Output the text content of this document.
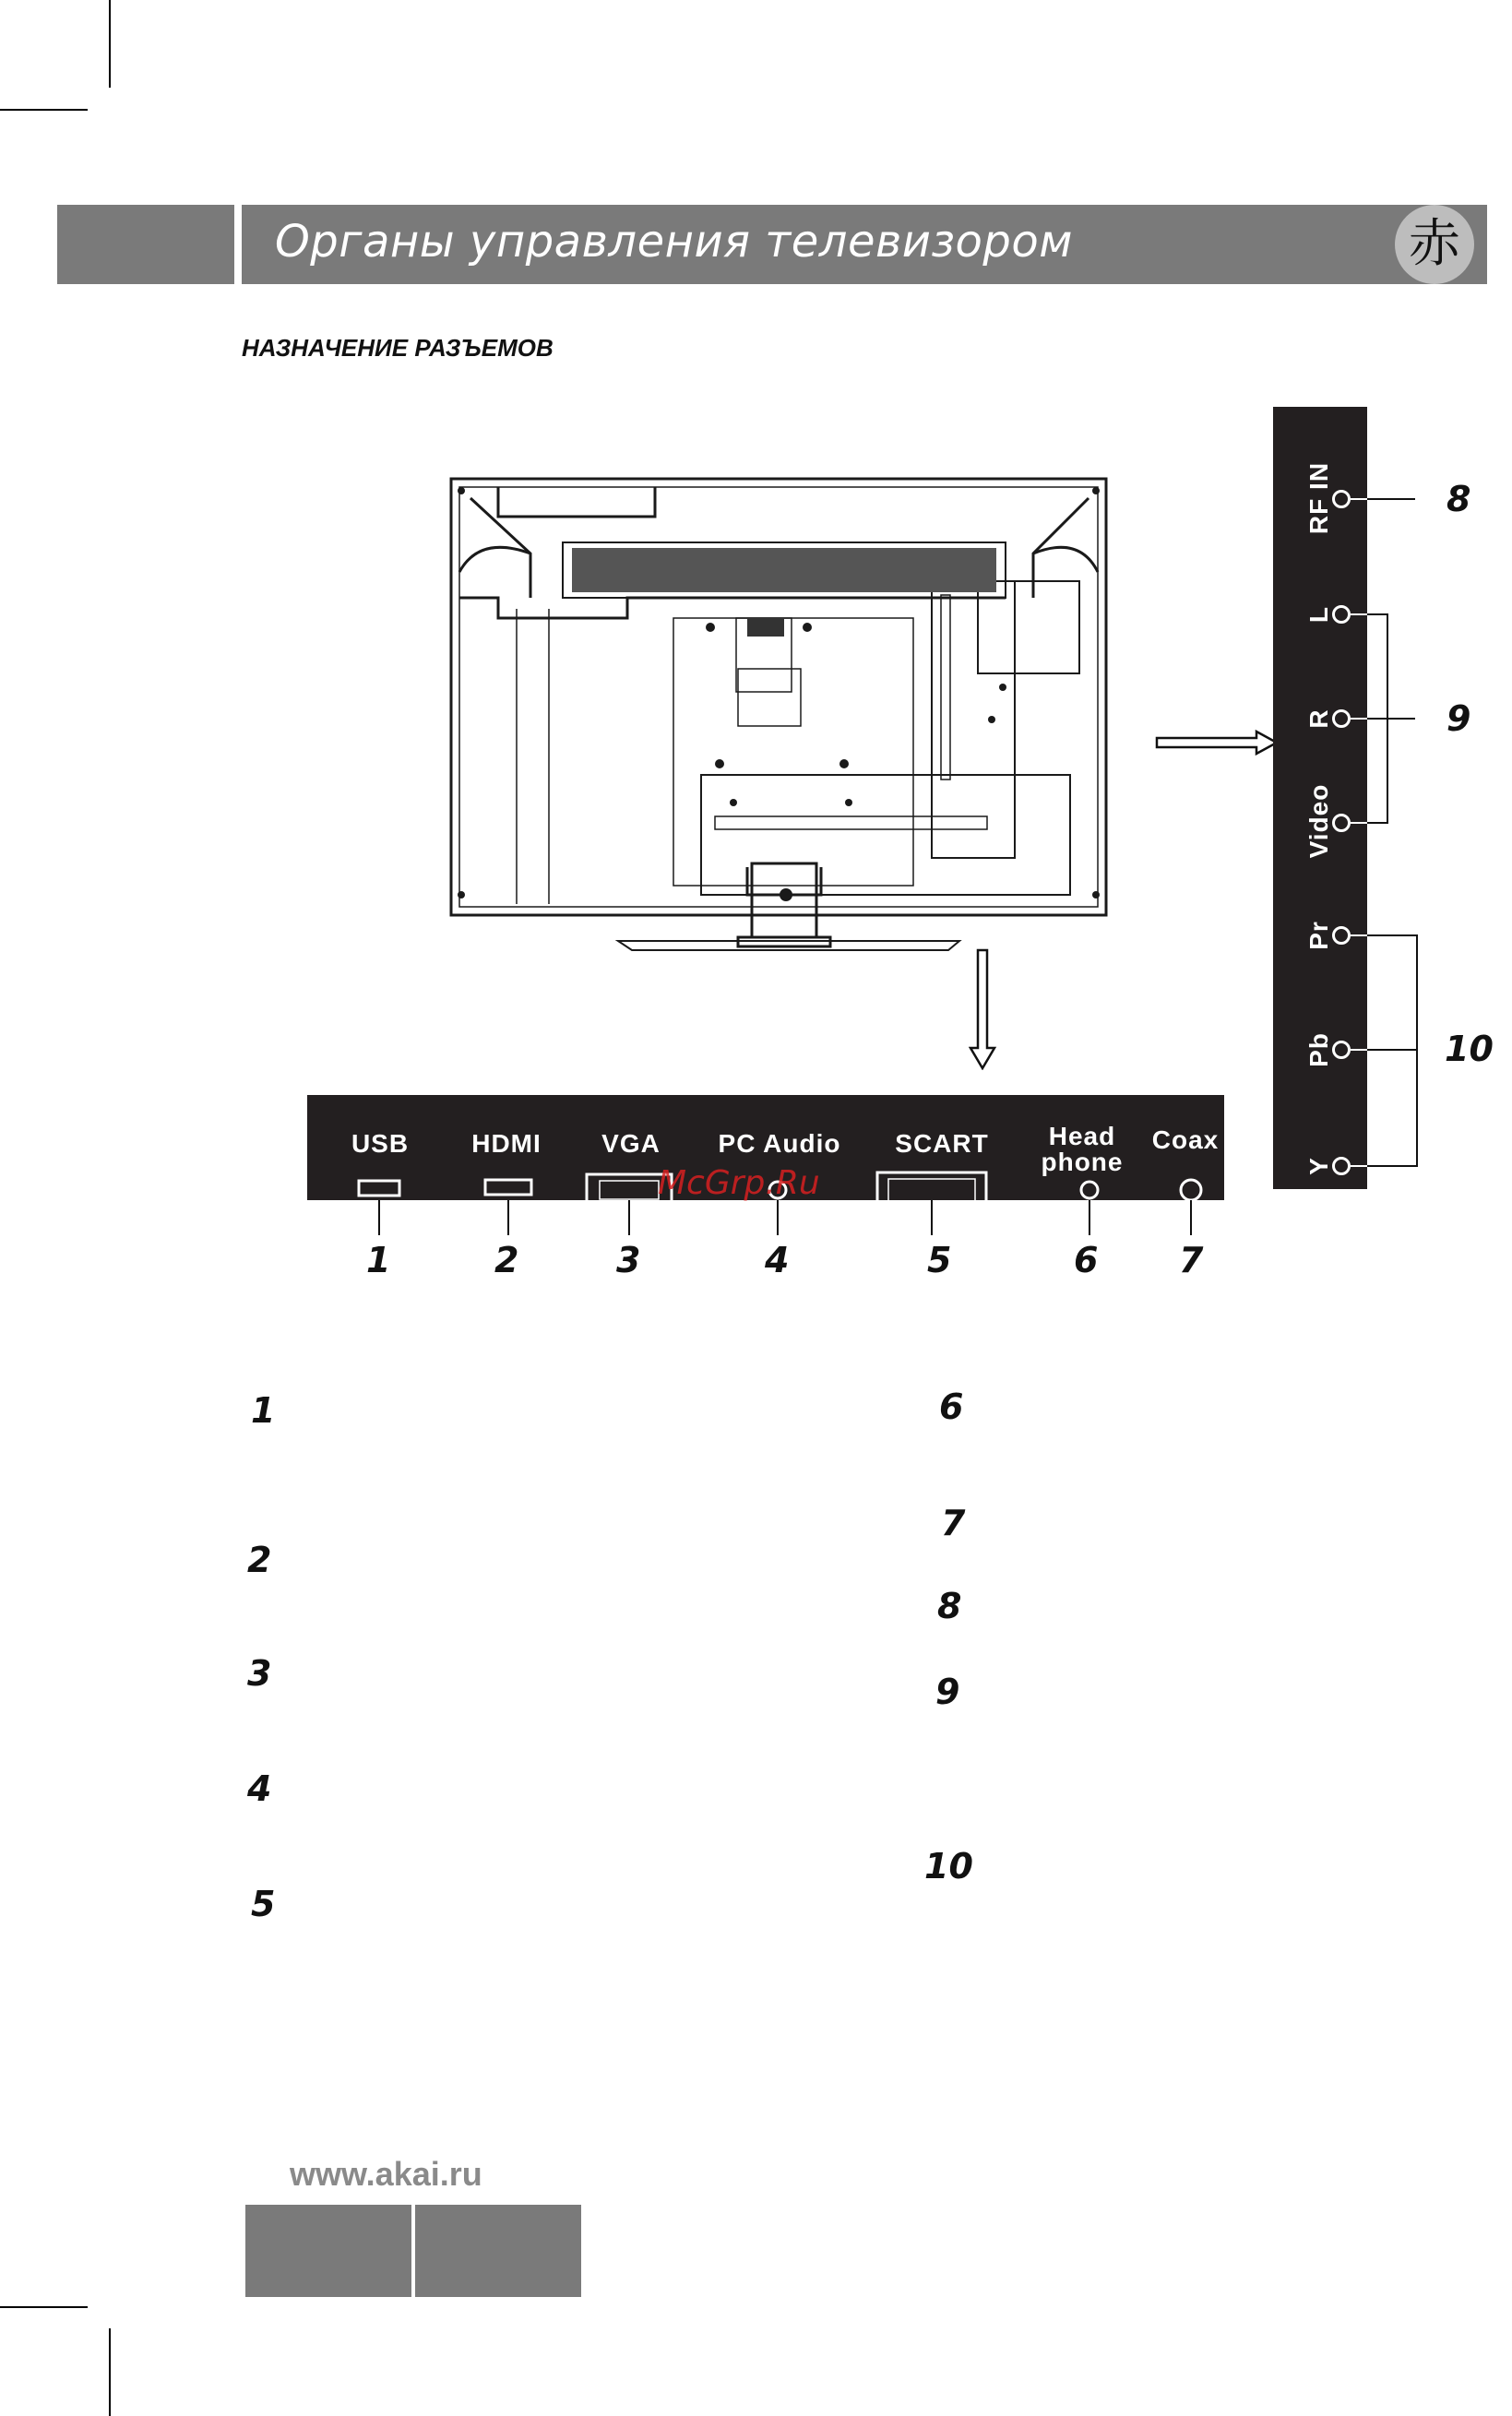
Органы управления телевизором	赤
НАЗНАЧЕНИЕ РАЗЪЕМОВ
USB	HDMI	VGA	PC Audio	SCART	Head
phone
Coax
1	2	3	4	5	6 7
McGrp.Ru
RF IN
L
R
Video
Pr
Pb
Y
8
9
10
1
2
3
4
5
6
7
8
9
10
www.akai.ru
